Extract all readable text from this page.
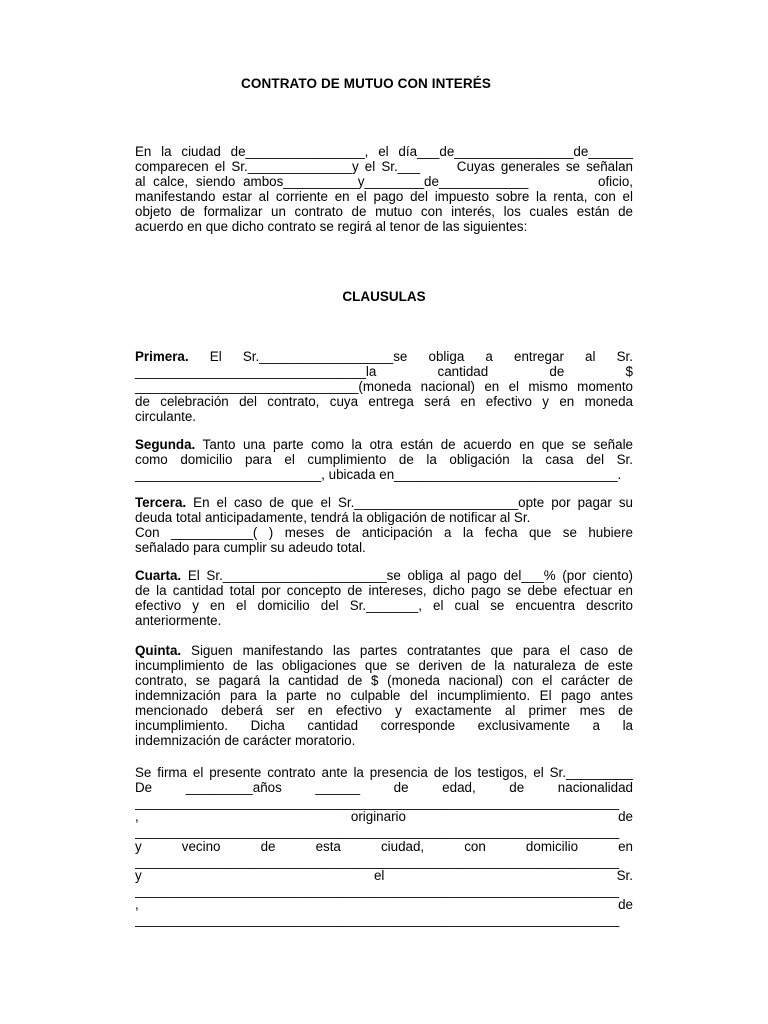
CONTRATO DE MUTUO CON INTERÉS
En la ciudad de________________, el día___de________________de______
comparecen el Sr.______________y el Sr.___      Cuyas generales se señalan
al calce, siendo ambos__________y________de____________         oficio,
manifestando estar al corriente en el pago del impuesto sobre la renta, con el
objeto de formalizar un contrato de mutuo con interés, los cuales están de
acuerdo en que dicho contrato se regirá al tenor de las siguientes:
CLAUSULAS
Primera. El Sr.__________________se obliga a entregar al Sr.
_______________________________la cantidad de $
______________________________(moneda nacional) en el mismo momento
de celebración del contrato, cuya entrega será en efectivo y en moneda
circulante.
Segunda. Tanto una parte como la otra están de acuerdo en que se señale
como domicilio para el cumplimiento de la obligación la casa del Sr.
_________________________, ubicada en______________________________.
Tercera. En el caso de que el Sr.______________________opte por pagar su
deuda total anticipadamente, tendrá la obligación de notificar al Sr.
Con ___________( ) meses de anticipación a la fecha que se hubiere
señalado para cumplir su adeudo total.
Cuarta. El Sr.______________________se obliga al pago del___% (por ciento)
de la cantidad total por concepto de intereses, dicho pago se debe efectuar en
efectivo y en el domicilio del Sr._______, el cual se encuentra descrito
anteriormente.
Quinta. Siguen manifestando las partes contratantes que para el caso de
incumplimiento de las obligaciones que se deriven de la naturaleza de este
contrato, se pagará la cantidad de $ (moneda nacional) con el carácter de
indemnización para la parte no culpable del incumplimiento. El pago antes
mencionado deberá ser en efectivo y exactamente al primer mes de
incumplimiento. Dicha cantidad corresponde exclusivamente a la
indemnización de carácter moratorio.
Se firma el presente contrato ante la presencia de los testigos, el Sr._________
De _________años ______ de edad, de nacionalidad
_________________________________________________________________
, originario de
_________________________________________________________________
y vecino de esta ciudad, con domicilio en
_________________________________________________________________
y el Sr.
_________________________________________________________________
, de
_________________________________________________________________
